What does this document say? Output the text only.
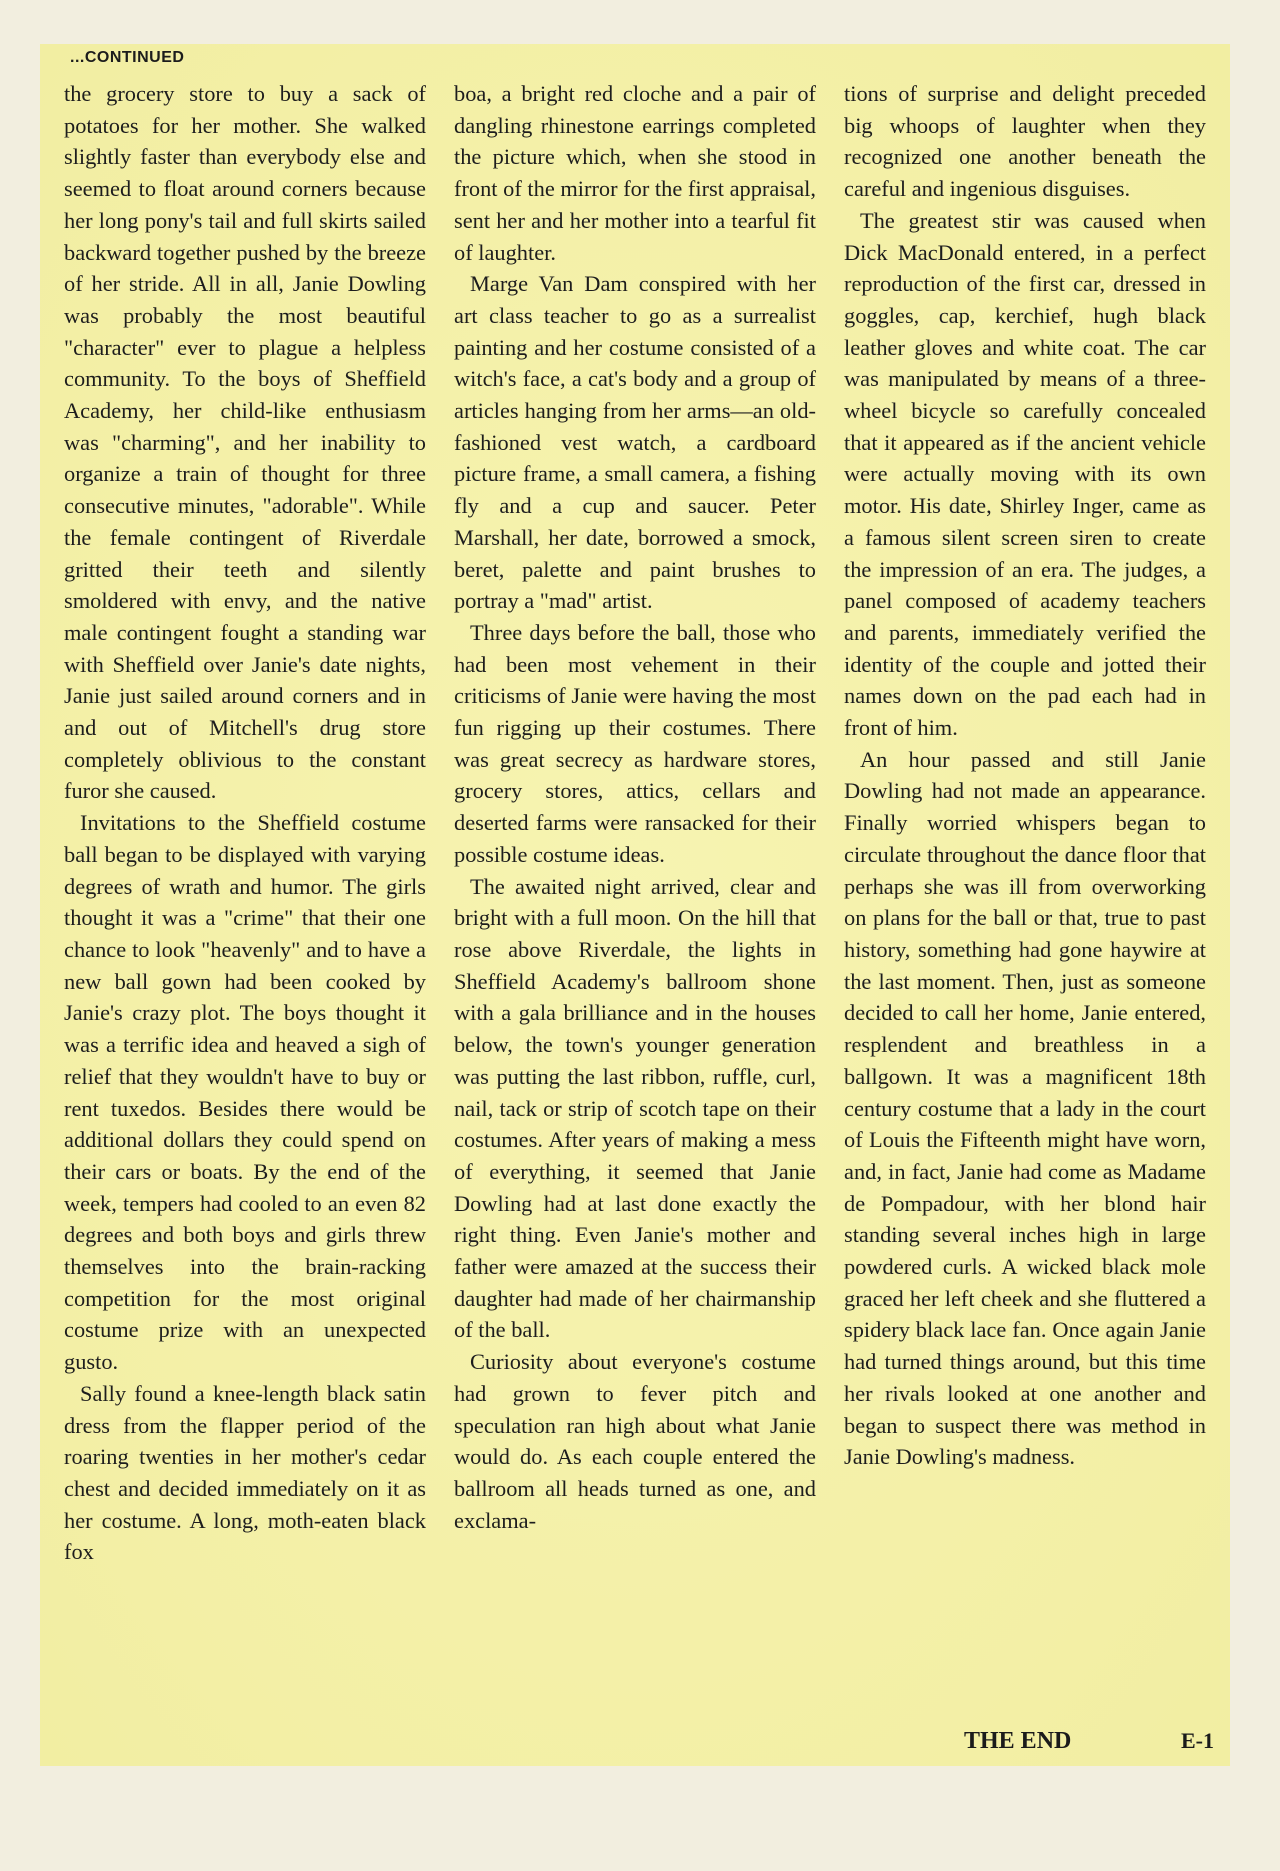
...CONTINUED

the grocery store to buy a sack of potatoes for her mother. She walked slightly faster than everybody else and seemed to float around corners because her long pony's tail and full skirts sailed backward together pushed by the breeze of her stride. All in all, Janie Dowling was probably the most beautiful "character" ever to plague a helpless community. To the boys of Sheffield Academy, her child-like enthusiasm was "charming", and her inability to organize a train of thought for three consecutive minutes, "adorable". While the female contingent of Riverdale gritted their teeth and silently smoldered with envy, and the native male contingent fought a standing war with Sheffield over Janie's date nights, Janie just sailed around corners and in and out of Mitchell's drug store completely oblivious to the constant furor she caused.

Invitations to the Sheffield costume ball began to be displayed with varying degrees of wrath and humor. The girls thought it was a "crime" that their one chance to look "heavenly" and to have a new ball gown had been cooked by Janie's crazy plot. The boys thought it was a terrific idea and heaved a sigh of relief that they wouldn't have to buy or rent tuxedos. Besides there would be additional dollars they could spend on their cars or boats. By the end of the week, tempers had cooled to an even 82 degrees and both boys and girls threw themselves into the brain-racking competition for the most original costume prize with an unexpected gusto.

Sally found a knee-length black satin dress from the flapper period of the roaring twenties in her mother's cedar chest and decided immediately on it as her costume. A long, moth-eaten black fox

boa, a bright red cloche and a pair of dangling rhinestone earrings completed the picture which, when she stood in front of the mirror for the first appraisal, sent her and her mother into a tearful fit of laughter.

Marge Van Dam conspired with her art class teacher to go as a surrealist painting and her costume consisted of a witch's face, a cat's body and a group of articles hanging from her arms—an old-fashioned vest watch, a cardboard picture frame, a small camera, a fishing fly and a cup and saucer. Peter Marshall, her date, borrowed a smock, beret, palette and paint brushes to portray a "mad" artist.

Three days before the ball, those who had been most vehement in their criticisms of Janie were having the most fun rigging up their costumes. There was great secrecy as hardware stores, grocery stores, attics, cellars and deserted farms were ransacked for their possible costume ideas.

The awaited night arrived, clear and bright with a full moon. On the hill that rose above Riverdale, the lights in Sheffield Academy's ballroom shone with a gala brilliance and in the houses below, the town's younger generation was putting the last ribbon, ruffle, curl, nail, tack or strip of scotch tape on their costumes. After years of making a mess of everything, it seemed that Janie Dowling had at last done exactly the right thing. Even Janie's mother and father were amazed at the success their daughter had made of her chairmanship of the ball.

Curiosity about everyone's costume had grown to fever pitch and speculation ran high about what Janie would do. As each couple entered the ballroom all heads turned as one, and exclama-

tions of surprise and delight preceded big whoops of laughter when they recognized one another beneath the careful and ingenious disguises.

The greatest stir was caused when Dick MacDonald entered, in a perfect reproduction of the first car, dressed in goggles, cap, kerchief, hugh black leather gloves and white coat. The car was manipulated by means of a three-wheel bicycle so carefully concealed that it appeared as if the ancient vehicle were actually moving with its own motor. His date, Shirley Inger, came as a famous silent screen siren to create the impression of an era. The judges, a panel composed of academy teachers and parents, immediately verified the identity of the couple and jotted their names down on the pad each had in front of him.

An hour passed and still Janie Dowling had not made an appearance. Finally worried whispers began to circulate throughout the dance floor that perhaps she was ill from overworking on plans for the ball or that, true to past history, something had gone haywire at the last moment. Then, just as someone decided to call her home, Janie entered, resplendent and breathless in a ballgown. It was a magnificent 18th century costume that a lady in the court of Louis the Fifteenth might have worn, and, in fact, Janie had come as Madame de Pompadour, with her blond hair standing several inches high in large powdered curls. A wicked black mole graced her left cheek and she fluttered a spidery black lace fan. Once again Janie had turned things around, but this time her rivals looked at one another and began to suspect there was method in Janie Dowling's madness.

THE END	E-1
